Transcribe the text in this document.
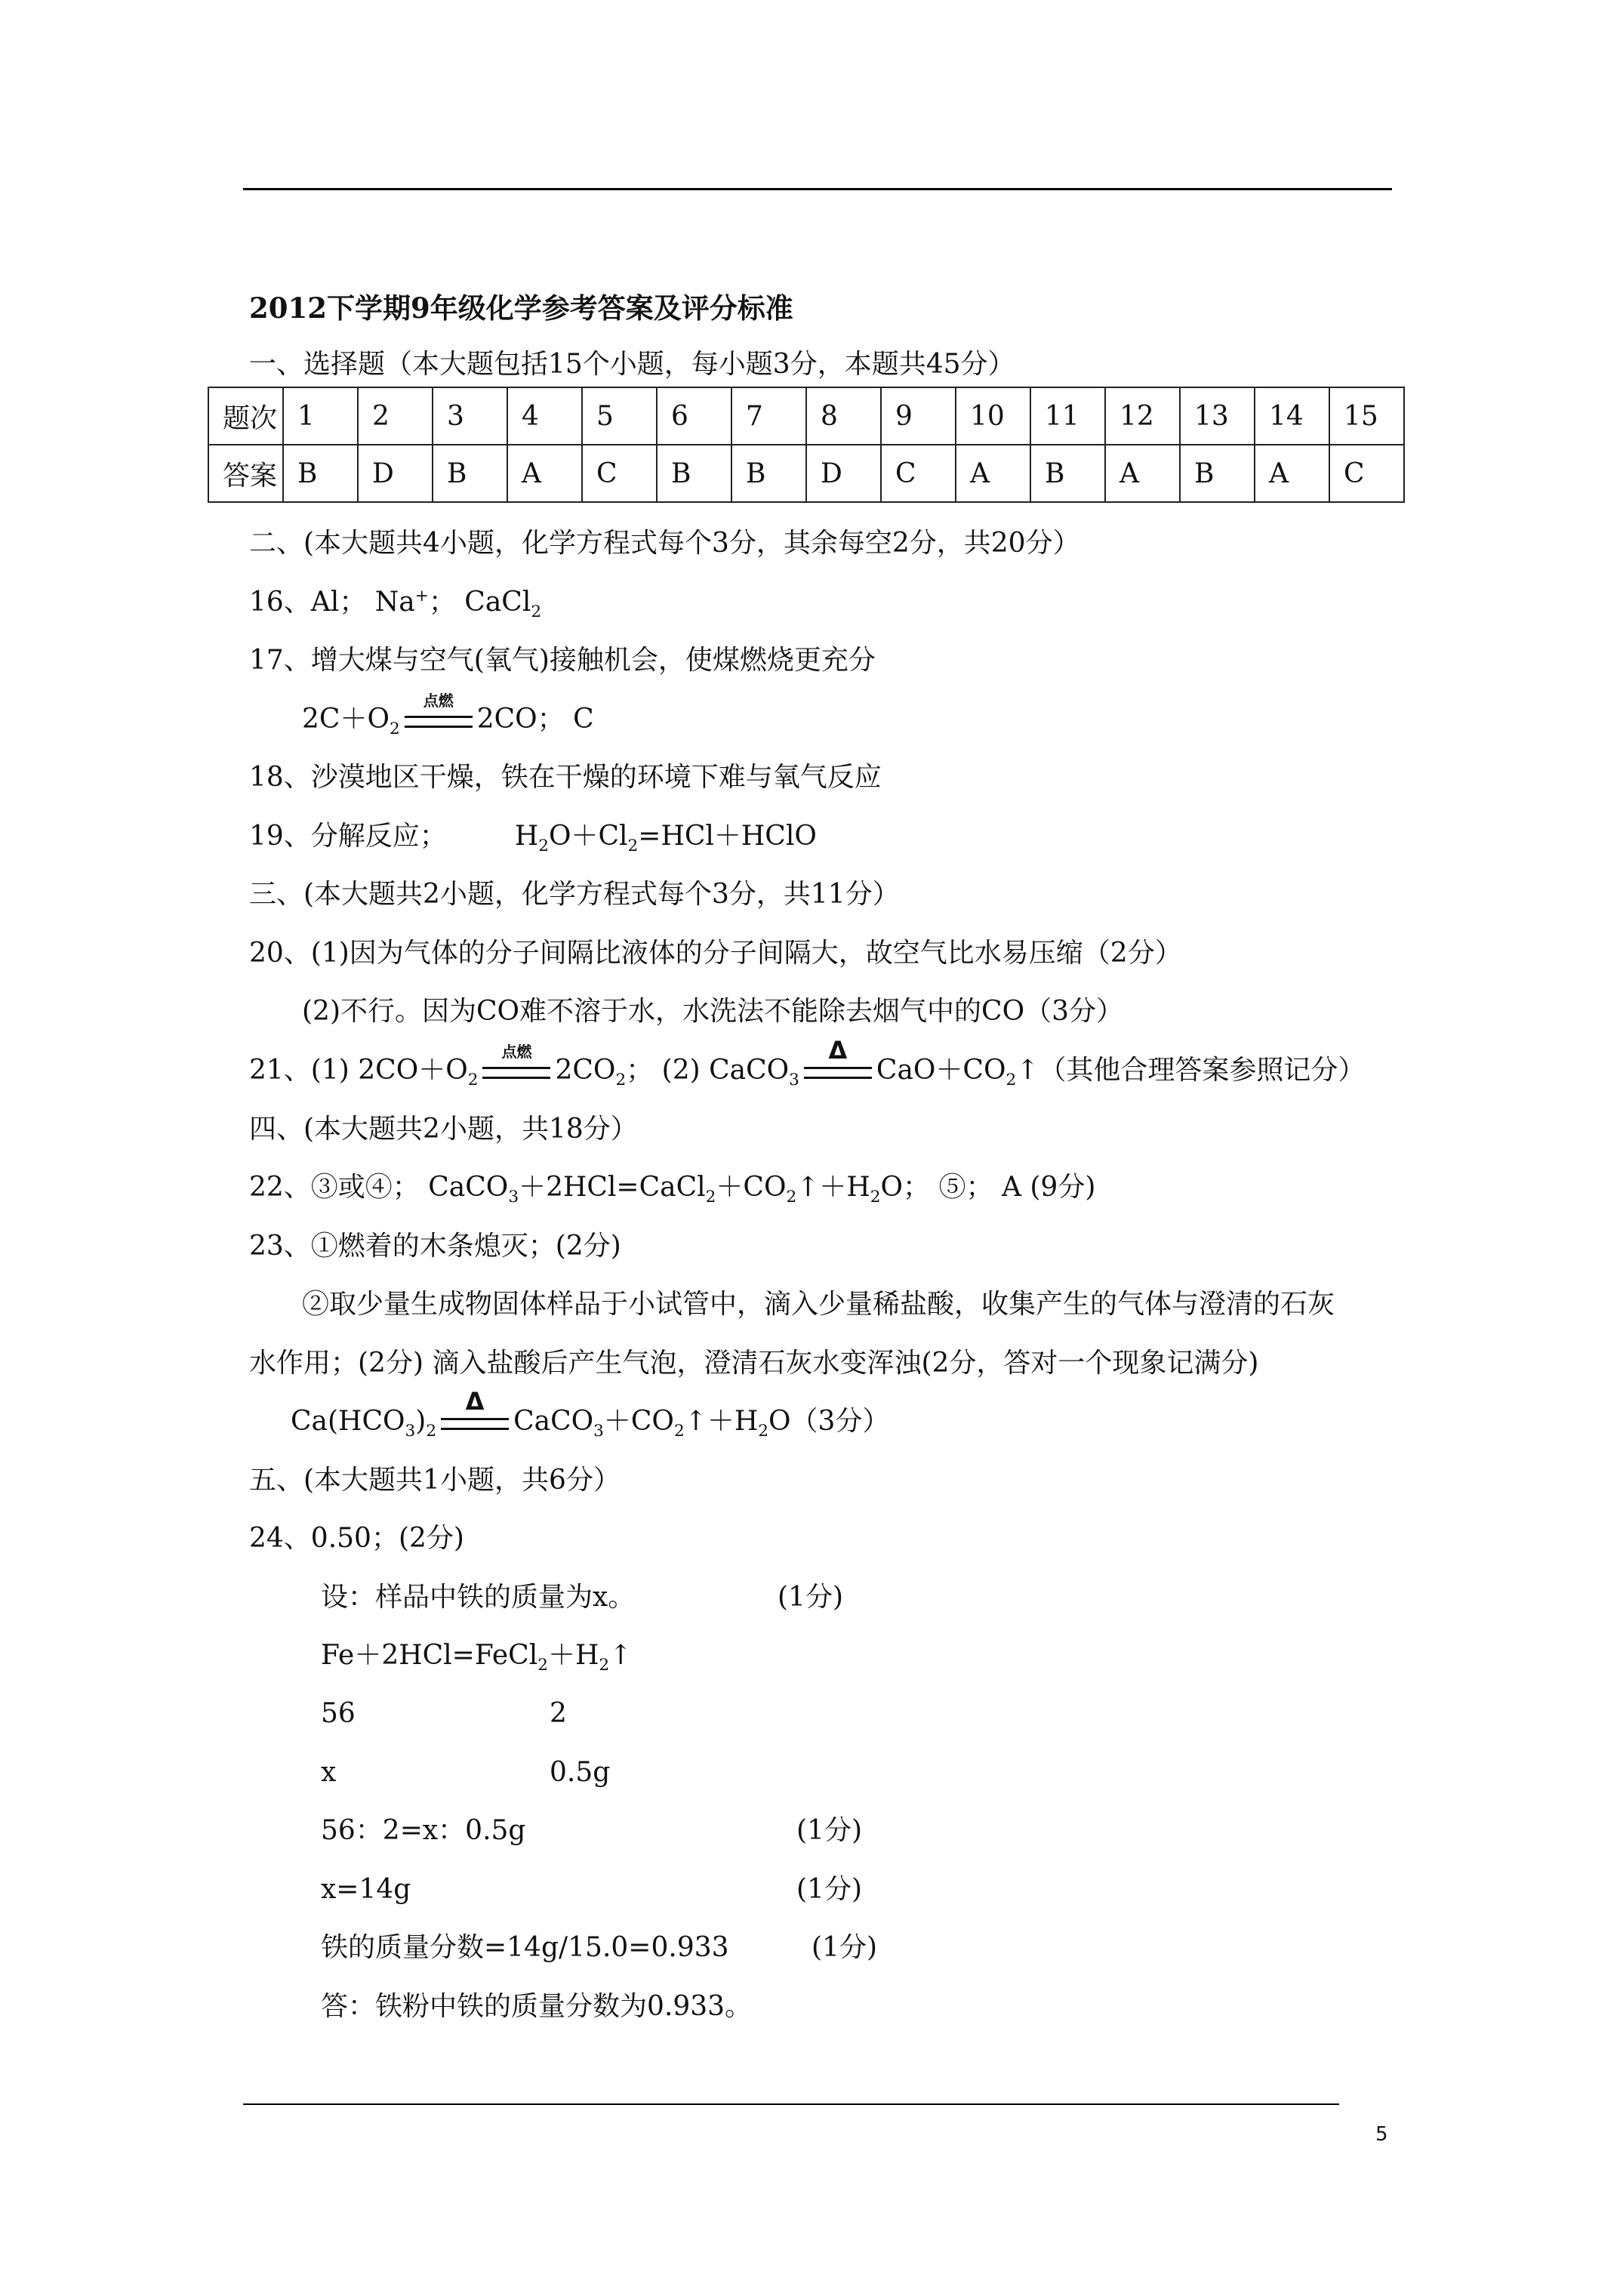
2012下学期9年级化学参考答案及评分标准
一、选择题（本大题包括15个小题，每小题3分，本题共45分）
题次	1	2	3	4	5	6	7	8	9	10	11	12	13	14	15
答案	B	D	B	A	C	B	B	D	C	A	B	A	B	A	C
二、(本大题共4小题，化学方程式每个3分，其余每空2分，共20分）
16、Al； Na+； CaCl$_2$
17、增大煤与空气(氧气)接触机会，使煤燃烧更充分
$2C+O_2$
点燃
2CO； C
18、沙漠地区干燥，铁在干燥的环境下难与氧气反应
19、分解反应；	$H_2O+Cl_2=HCl+HClO$
三、(本大题共2小题，化学方程式每个3分，共11分）
20、(1)因为气体的分子间隔比液体的分子间隔大，故空气比水易压缩（2分）
(2)不行。因为CO难不溶于水，水洗法不能除去烟气中的CO（3分）
21、(1) $2CO+O_2$
点燃
$2CO_2$； (2) CaCO$_3$
Δ
$CaO+CO_2↑$（其他合理答案参照记分）
四、(本大题共2小题，共18分）
22、③或④； $CaCO_3+2HCl=CaCl_2+CO_2↑+H_2O$； ⑤； A (9分)
23、①燃着的木条熄灭；(2分)
②取少量生成物固体样品于小试管中，滴入少量稀盐酸，收集产生的气体与澄清的石灰
水作用；(2分) 滴入盐酸后产生气泡，澄清石灰水变浑浊(2分，答对一个现象记满分)
$Ca(HCO_3)_2$
Δ
$CaCO_3+CO_2↑+H_2O(3$分）
五、(本大题共1小题，共6分）
24、0.50；(2分)
设：样品中铁的质量为x。	(1分)
$Fe+2HCl=FeCl_2+H_2↑$
56	2
x	0.5g
56：2=x：0.5g	(1分)
x=14g	(1分)
铁的质量分数=14g/15.0=0.933	(1分)
答：铁粉中铁的质量分数为0.933。
5
